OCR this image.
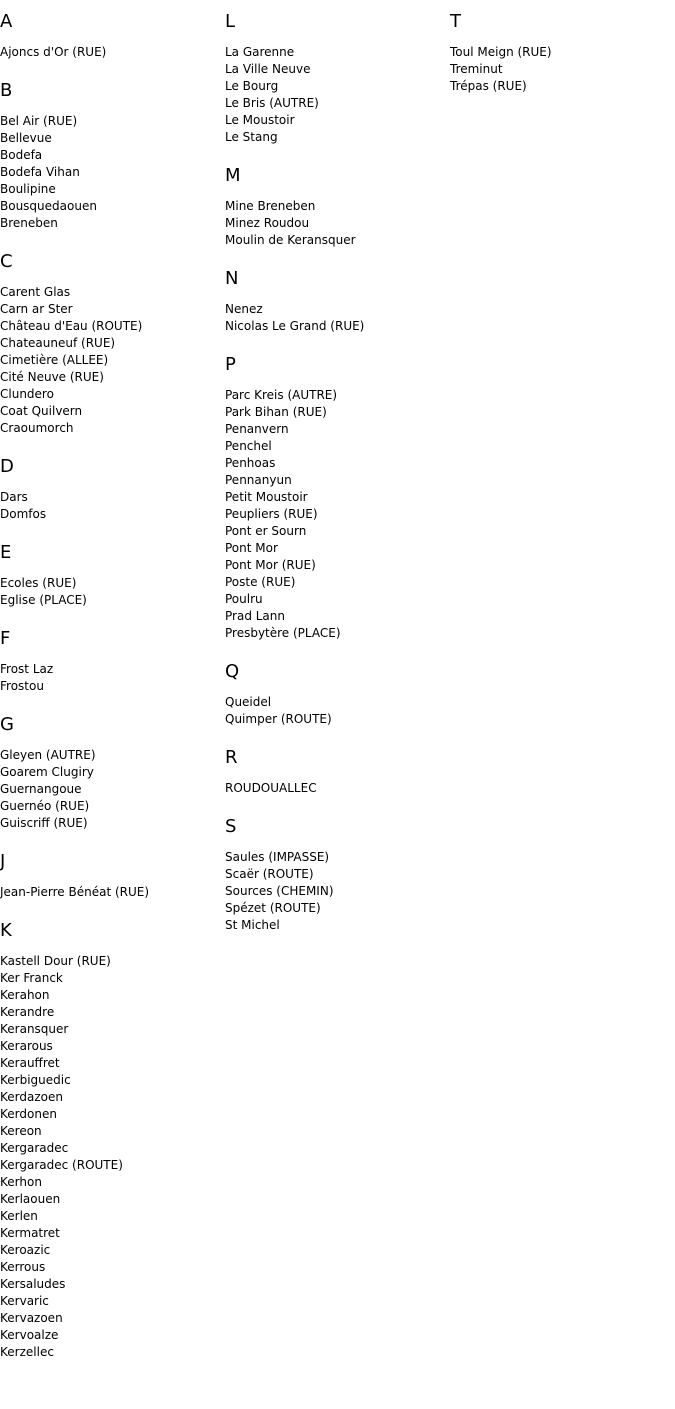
A
Ajoncs d'Or (RUE)
B
Bel Air (RUE)
Bellevue
Bodefa
Bodefa Vihan
Boulipine
Bousquedaouen
Breneben
C
Carent Glas
Carn ar Ster
Château d'Eau (ROUTE)
Chateauneuf (RUE)
Cimetière (ALLEE)
Cité Neuve (RUE)
Clundero
Coat Quilvern
Craoumorch
D
Dars
Domfos
E
Ecoles (RUE)
Eglise (PLACE)
F
Frost Laz
Frostou
G
Gleyen (AUTRE)
Goarem Clugiry
Guernangoue
Guernéo (RUE)
Guiscriff (RUE)
J
Jean-Pierre Bénéat (RUE)
K
Kastell Dour (RUE)
Ker Franck
Kerahon
Kerandre
Keransquer
Kerarous
Kerauffret
Kerbiguedic
Kerdazoen
Kerdonen
Kereon
Kergaradec
Kergaradec (ROUTE)
Kerhon
Kerlaouen
Kerlen
Kermatret
Keroazic
Kerrous
Kersaludes
Kervaric
Kervazoen
Kervoalze
Kerzellec
L
La Garenne
La Ville Neuve
Le Bourg
Le Bris (AUTRE)
Le Moustoir
Le Stang
M
Mine Breneben
Minez Roudou
Moulin de Keransquer
N
Nenez
Nicolas Le Grand (RUE)
P
Parc Kreis (AUTRE)
Park Bihan (RUE)
Penanvern
Penchel
Penhoas
Pennanyun
Petit Moustoir
Peupliers (RUE)
Pont er Sourn
Pont Mor
Pont Mor (RUE)
Poste (RUE)
Poulru
Prad Lann
Presbytère (PLACE)
Q
Queidel
Quimper (ROUTE)
R
ROUDOUALLEC
S
Saules (IMPASSE)
Scaër (ROUTE)
Sources (CHEMIN)
Spézet (ROUTE)
St Michel
T
Toul Meign (RUE)
Treminut
Trépas (RUE)
